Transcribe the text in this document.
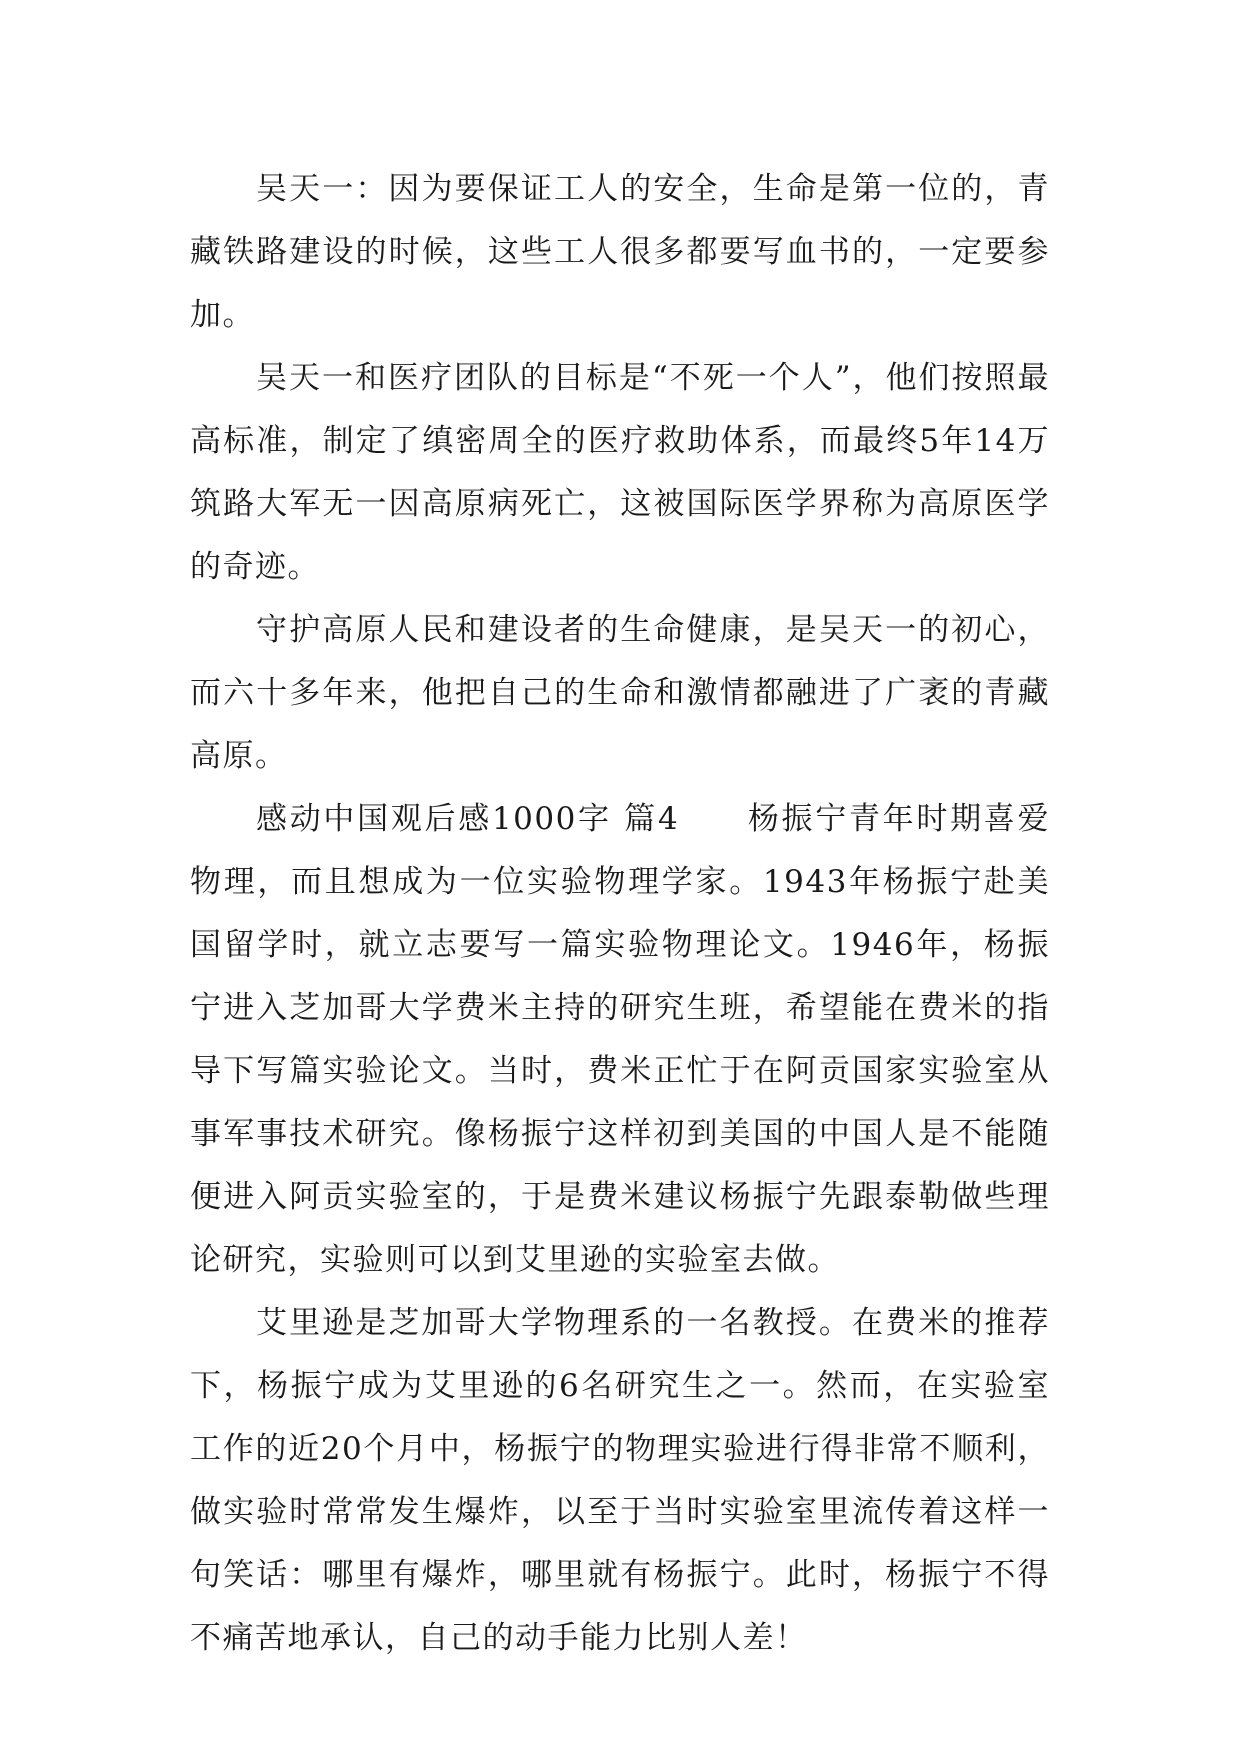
吴天一：因为要保证工人的安全，生命是第一位的，青藏铁路建设的时候，这些工人很多都要写血书的，一定要参加。

吴天一和医疗团队的目标是“不死一个人”，他们按照最高标准，制定了缜密周全的医疗救助体系，而最终5年14万筑路大军无一因高原病死亡，这被国际医学界称为高原医学的奇迹。

守护高原人民和建设者的生命健康，是吴天一的初心，而六十多年来，他把自己的生命和激情都融进了广袤的青藏高原。

感动中国观后感1000字 篇4　　杨振宁青年时期喜爱物理，而且想成为一位实验物理学家。1943年杨振宁赴美国留学时，就立志要写一篇实验物理论文。1946年，杨振宁进入芝加哥大学费米主持的研究生班，希望能在费米的指导下写篇实验论文。当时，费米正忙于在阿贡国家实验室从事军事技术研究。像杨振宁这样初到美国的中国人是不能随便进入阿贡实验室的，于是费米建议杨振宁先跟泰勒做些理论研究，实验则可以到艾里逊的实验室去做。

艾里逊是芝加哥大学物理系的一名教授。在费米的推荐下，杨振宁成为艾里逊的6名研究生之一。然而，在实验室工作的近20个月中，杨振宁的物理实验进行得非常不顺利，做实验时常常发生爆炸，以至于当时实验室里流传着这样一句笑话：哪里有爆炸，哪里就有杨振宁。此时，杨振宁不得不痛苦地承认，自己的动手能力比别人差！
